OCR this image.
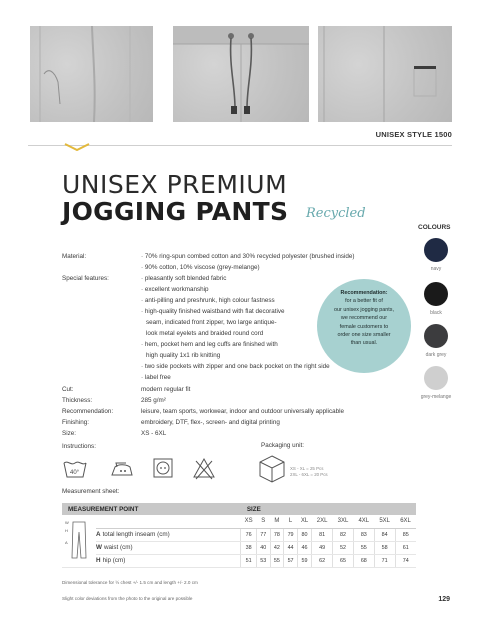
UNISEX STYLE 1500
UNISEX PREMIUM
JOGGING PANTS Recycled
COLOURS
navy
black
dark grey
grey-melange
Material:	· 70% ring-spun combed cotton and 30% recycled polyester (brushed inside)
· 90% cotton, 10% viscose (grey-melange)
Special features:	· pleasantly soft blended fabric
· excellent workmanship
· anti-pilling and preshrunk, high colour fastness
· high-quality finished waistband with flat decorative
seam, indicated front zipper, two large antique-
look metal eyelets and braided round cord
· hem, pocket hem and leg cuffs are finished with
high quality 1x1 rib knitting
· two side pockets with zipper and one back pocket on the right side
· label free
Cut:	modern regular fit
Thickness:	285 g/m²
Recommendation:	leisure, team sports, workwear, indoor and outdoor universally applicable
Finishing:	embroidery, DTF, flex-, screen- and digital printing
Size:	XS - 6XL
Instructions:
Recommendation:
for a better fit of
our unisex jogging pants,
we recommend our
female customers to
order one size smaller
than usual.
40°
Packaging unit:
XS - XL = 25 Pcs
2XL - 6XL = 20 Pcs
Measurement sheet:
MEASUREMENT POINT		SIZE									

W
H
A		XS	S	M	L	XL	2XL	3XL	4XL	5XL	6XL
	A total length inseam (cm)	76	77	78	79	80	81	82	83	84	85
	W waist (cm)	38	40	42	44	46	49	52	55	58	61
	H hip (cm)	51	53	55	57	59	62	65	68	71	74
Dimensional tolerance for ½ chest +/- 1.5 cm and length +/- 2.0 cm
Slight color deviations from the photo to the original are possible	129
